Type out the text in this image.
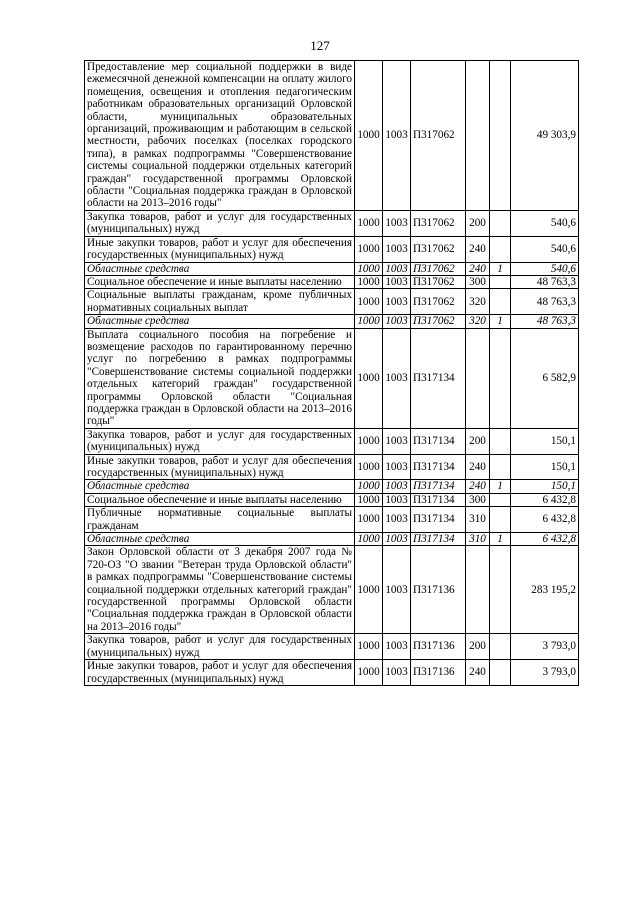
127
Предоставление мер социальной поддержки в виде ежемесячной денежной компенсации на оплату жилого помещения, освещения и отопления педагогическим работникам образовательных организаций Орловской области, муниципальных образовательных организаций, проживающим и работающим в сельской местности, рабочих поселках (поселках городского типа), в рамках подпрограммы "Совершенствование системы социальной поддержки отдельных категорий граждан" государственной программы Орловской области "Социальная поддержка граждан в Орловской области на 2013–2016 годы"	1000	1003	П317062			49 303,9
Закупка товаров, работ и услуг для государственных (муниципальных) нужд	1000	1003	П317062	200		540,6
Иные закупки товаров, работ и услуг для обеспечения государственных (муниципальных) нужд	1000	1003	П317062	240		540,6
Областные средства	1000	1003	П317062	240	1	540,6
Социальное обеспечение и иные выплаты населению	1000	1003	П317062	300		48 763,3
Социальные выплаты гражданам, кроме публичных нормативных социальных выплат	1000	1003	П317062	320		48 763,3
Областные средства	1000	1003	П317062	320	1	48 763,3
Выплата социального пособия на погребение и возмещение расходов по гарантированному перечню услуг по погребению в рамках подпрограммы "Совершенствование системы социальной поддержки отдельных категорий граждан" государственной программы Орловской области "Социальная поддержка граждан в Орловской области на 2013–2016 годы"	1000	1003	П317134			6 582,9
Закупка товаров, работ и услуг для государственных (муниципальных) нужд	1000	1003	П317134	200		150,1
Иные закупки товаров, работ и услуг для обеспечения государственных (муниципальных) нужд	1000	1003	П317134	240		150,1
Областные средства	1000	1003	П317134	240	1	150,1
Социальное обеспечение и иные выплаты населению	1000	1003	П317134	300		6 432,8
Публичные нормативные социальные выплаты гражданам	1000	1003	П317134	310		6 432,8
Областные средства	1000	1003	П317134	310	1	6 432,8
Закон Орловской области от 3 декабря 2007 года № 720-ОЗ "О звании "Ветеран труда Орловской области" в рамках подпрограммы "Совершенствование системы социальной поддержки отдельных категорий граждан" государственной программы Орловской области "Социальная поддержка граждан в Орловской области на 2013–2016 годы"	1000	1003	П317136			283 195,2
Закупка товаров, работ и услуг для государственных (муниципальных) нужд	1000	1003	П317136	200		3 793,0
Иные закупки товаров, работ и услуг для обеспечения государственных (муниципальных) нужд	1000	1003	П317136	240		3 793,0
